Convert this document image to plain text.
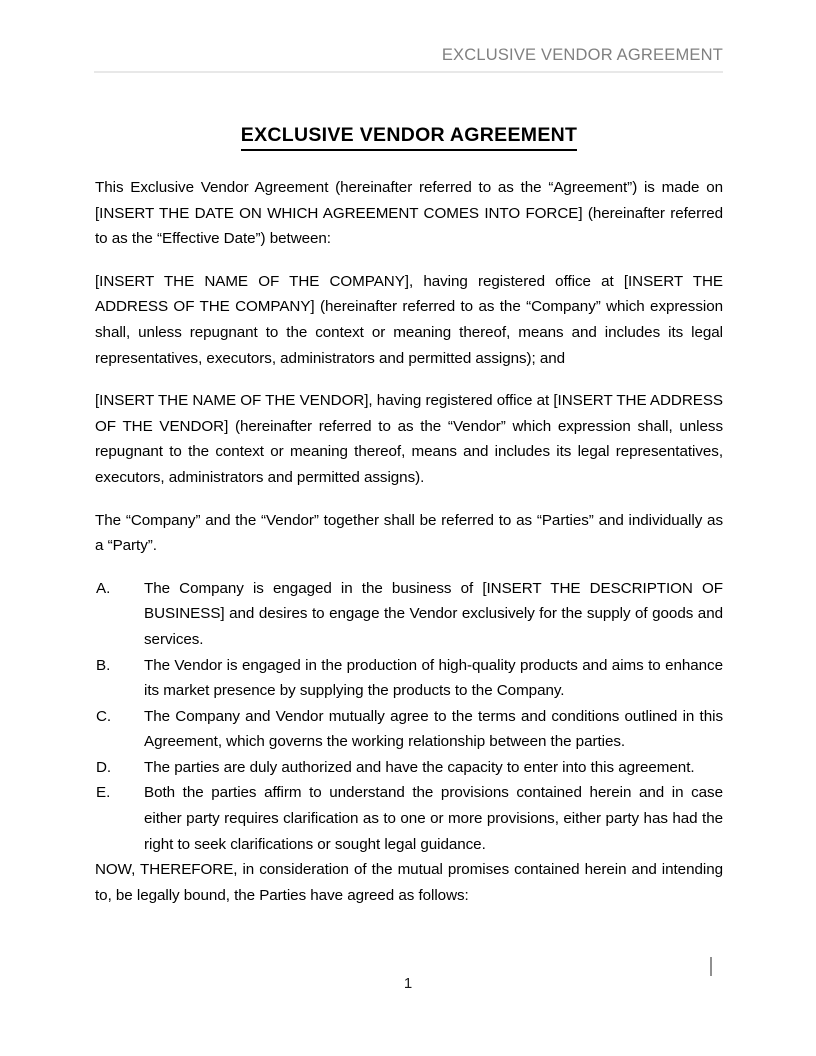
EXCLUSIVE VENDOR AGREEMENT
EXCLUSIVE VENDOR AGREEMENT

This Exclusive Vendor Agreement (hereinafter referred to as the “Agreement”) is made on [INSERT THE DATE ON WHICH AGREEMENT COMES INTO FORCE] (hereinafter referred to as the “Effective Date”) between:

[INSERT THE NAME OF THE COMPANY], having registered office at [INSERT THE ADDRESS OF THE COMPANY] (hereinafter referred to as the “Company” which expression shall, unless repugnant to the context or meaning thereof, means and includes its legal representatives, executors, administrators and permitted assigns); and

[INSERT THE NAME OF THE VENDOR], having registered office at [INSERT THE ADDRESS OF THE VENDOR] (hereinafter referred to as the “Vendor” which expression shall, unless repugnant to the context or meaning thereof, means and includes its legal representatives, executors, administrators and permitted assigns).

The “Company” and the “Vendor” together shall be referred to as “Parties” and individually as a “Party”.

A.	The Company is engaged in the business of [INSERT THE DESCRIPTION OF BUSINESS] and desires to engage the Vendor exclusively for the supply of goods and services.
B.	The Vendor is engaged in the production of high-quality products and aims to enhance its market presence by supplying the products to the Company.
C.	The Company and Vendor mutually agree to the terms and conditions outlined in this Agreement, which governs the working relationship between the parties.
D.	The parties are duly authorized and have the capacity to enter into this agreement.
E.	Both the parties affirm to understand the provisions contained herein and in case either party requires clarification as to one or more provisions, either party has had the right to seek clarifications or sought legal guidance.

NOW, THEREFORE, in consideration of the mutual promises contained herein and intending to, be legally bound, the Parties have agreed as follows:

1
